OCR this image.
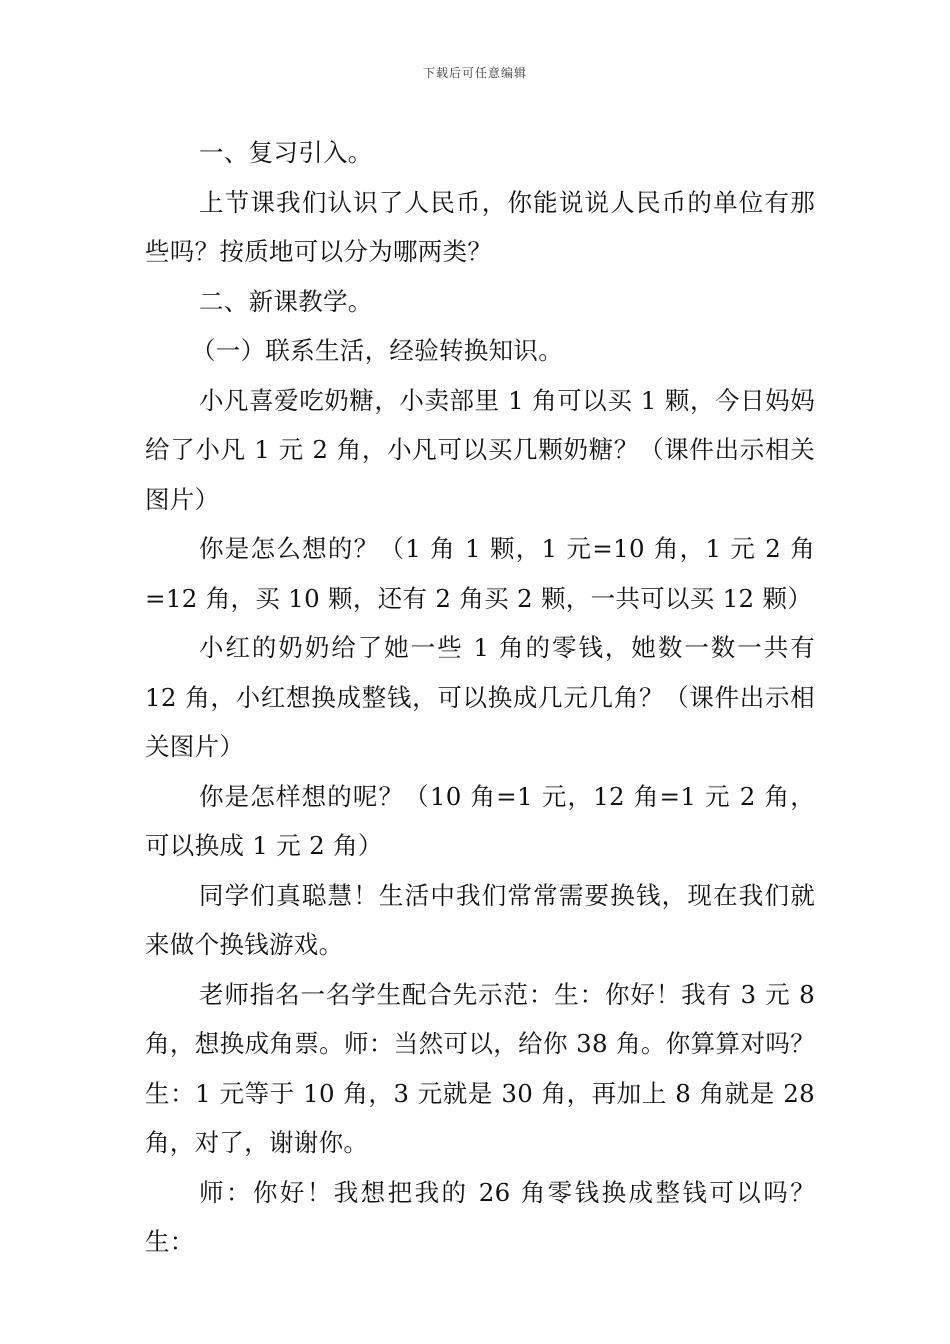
下载后可任意编辑

一、复习引入。

上节课我们认识了人民币，你能说说人民币的单位有那些吗？按质地可以分为哪两类？

二、新课教学。

（一）联系生活，经验转换知识。

小凡喜爱吃奶糖，小卖部里 1 角可以买 1 颗，今日妈妈给了小凡 1 元 2 角，小凡可以买几颗奶糖？（课件出示相关图片）

你是怎么想的？（1 角 1 颗，1 元=10 角，1 元 2 角=12 角，买 10 颗，还有 2 角买 2 颗，一共可以买 12 颗）

小红的奶奶给了她一些 1 角的零钱，她数一数一共有 12 角，小红想换成整钱，可以换成几元几角？（课件出示相关图片）

你是怎样想的呢？（10 角=1 元，12 角=1 元 2 角，可以换成 1 元 2 角）

同学们真聪慧！生活中我们常常需要换钱，现在我们就来做个换钱游戏。

老师指名一名学生配合先示范：生：你好！我有 3 元 8 角，想换成角票。师：当然可以，给你 38 角。你算算对吗？生：1 元等于 10 角，3 元就是 30 角，再加上 8 角就是 28 角，对了，谢谢你。

师：你好！我想把我的 26 角零钱换成整钱可以吗？生：
